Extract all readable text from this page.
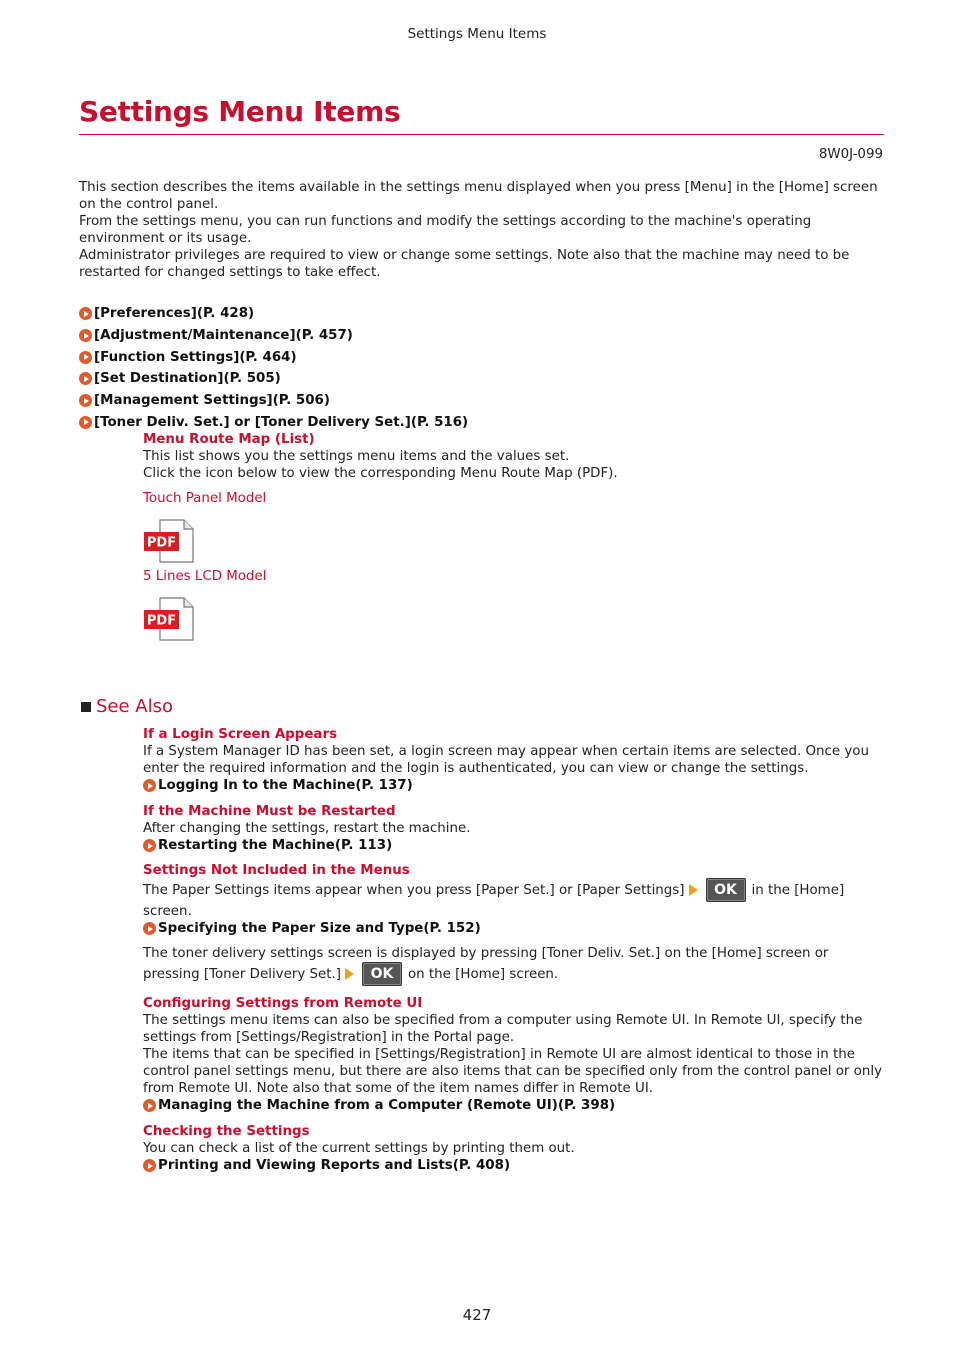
Settings Menu Items
Settings Menu Items
8W0J-099

This section describes the items available in the settings menu displayed when you press [Menu] in the [Home] screen on the control panel.

From the settings menu, you can run functions and modify the settings according to the machine's operating environment or its usage.

Administrator privileges are required to view or change some settings. Note also that the machine may need to be restarted for changed settings to take effect.

[Preferences](P. 428)
[Adjustment/Maintenance](P. 457)
[Function Settings](P. 464)
[Set Destination](P. 505)
[Management Settings](P. 506)
[Toner Deliv. Set.] or [Toner Delivery Set.](P. 516)

Menu Route Map (List)

This list shows you the settings menu items and the values set.

Click the icon below to view the corresponding Menu Route Map (PDF).

Touch Panel Model
PDF
5 Lines LCD Model
PDF
See Also

If a Login Screen Appears

If a System Manager ID has been set, a login screen may appear when certain items are selected. Once you enter the required information and the login is authenticated, you can view or change the settings.

Logging In to the Machine(P. 137)

If the Machine Must be Restarted

After changing the settings, restart the machine.

Restarting the Machine(P. 113)

Settings Not Included in the Menus

The Paper Settings items appear when you press [Paper Set.] or [Paper Settings]	OK	in the [Home]

screen.

Specifying the Paper Size and Type(P. 152)

The toner delivery settings screen is displayed by pressing [Toner Deliv. Set.] on the [Home] screen or

pressing [Toner Delivery Set.]	OK	on the [Home] screen.

Configuring Settings from Remote UI

The settings menu items can also be specified from a computer using Remote UI. In Remote UI, specify the settings from [Settings/Registration] in the Portal page.

The items that can be specified in [Settings/Registration] in Remote UI are almost identical to those in the control panel settings menu, but there are also items that can be specified only from the control panel or only from Remote UI. Note also that some of the item names differ in Remote UI.

Managing the Machine from a Computer (Remote UI)(P. 398)

Checking the Settings

You can check a list of the current settings by printing them out.

Printing and Viewing Reports and Lists(P. 408)
427
